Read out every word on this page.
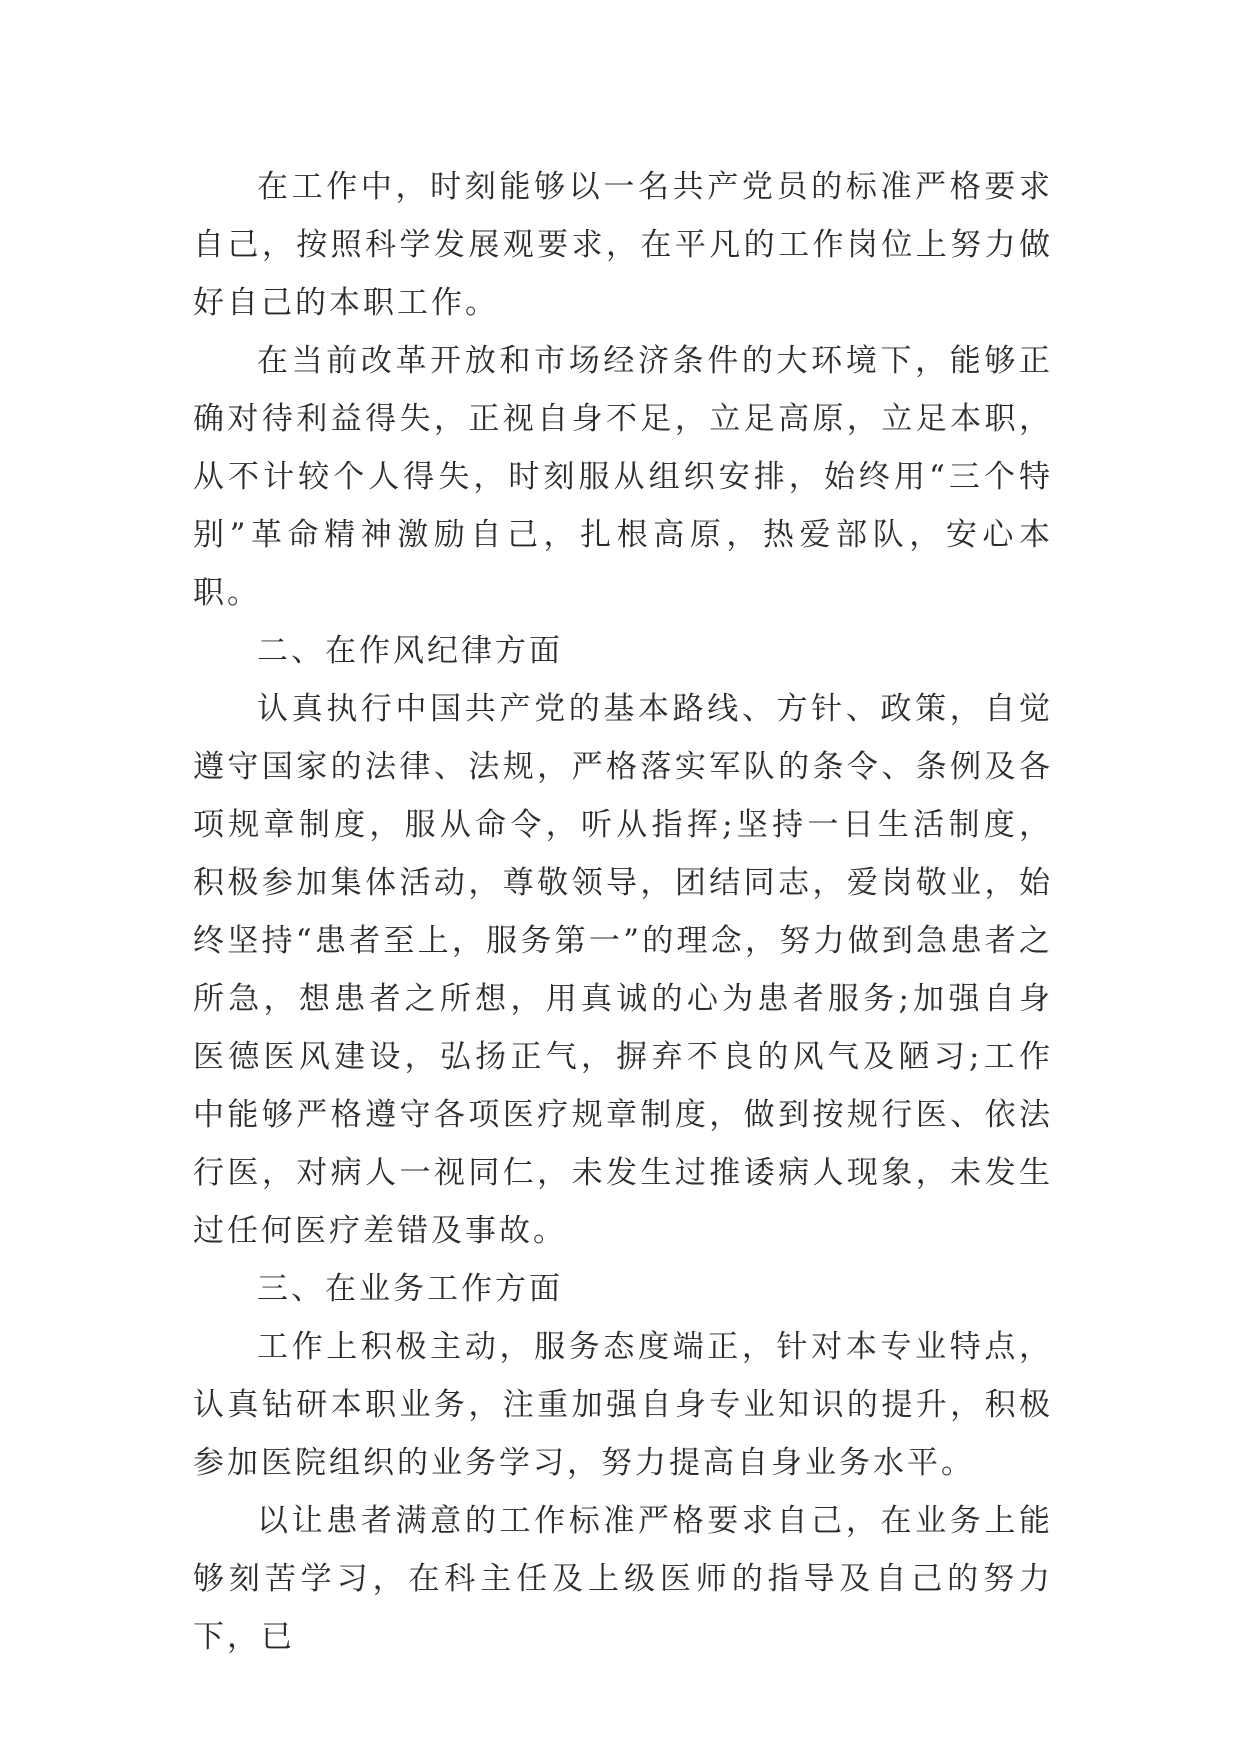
在工作中，时刻能够以一名共产党员的标准严格要求自己，按照科学发展观要求，在平凡的工作岗位上努力做好自己的本职工作。

在当前改革开放和市场经济条件的大环境下，能够正确对待利益得失，正视自身不足，立足高原，立足本职，从不计较个人得失，时刻服从组织安排，始终用“三个特别”革命精神激励自己，扎根高原，热爱部队，安心本职。

二、在作风纪律方面

认真执行中国共产党的基本路线、方针、政策，自觉遵守国家的法律、法规，严格落实军队的条令、条例及各项规章制度，服从命令，听从指挥;坚持一日生活制度，积极参加集体活动，尊敬领导，团结同志，爱岗敬业，始终坚持“患者至上，服务第一”的理念，努力做到急患者之所急，想患者之所想，用真诚的心为患者服务;加强自身医德医风建设，弘扬正气，摒弃不良的风气及陋习;工作中能够严格遵守各项医疗规章制度，做到按规行医、依法行医，对病人一视同仁，未发生过推诿病人现象，未发生过任何医疗差错及事故。

三、在业务工作方面

工作上积极主动，服务态度端正，针对本专业特点，认真钻研本职业务，注重加强自身专业知识的提升，积极参加医院组织的业务学习，努力提高自身业务水平。

以让患者满意的工作标准严格要求自己，在业务上能够刻苦学习，在科主任及上级医师的指导及自己的努力下，已
